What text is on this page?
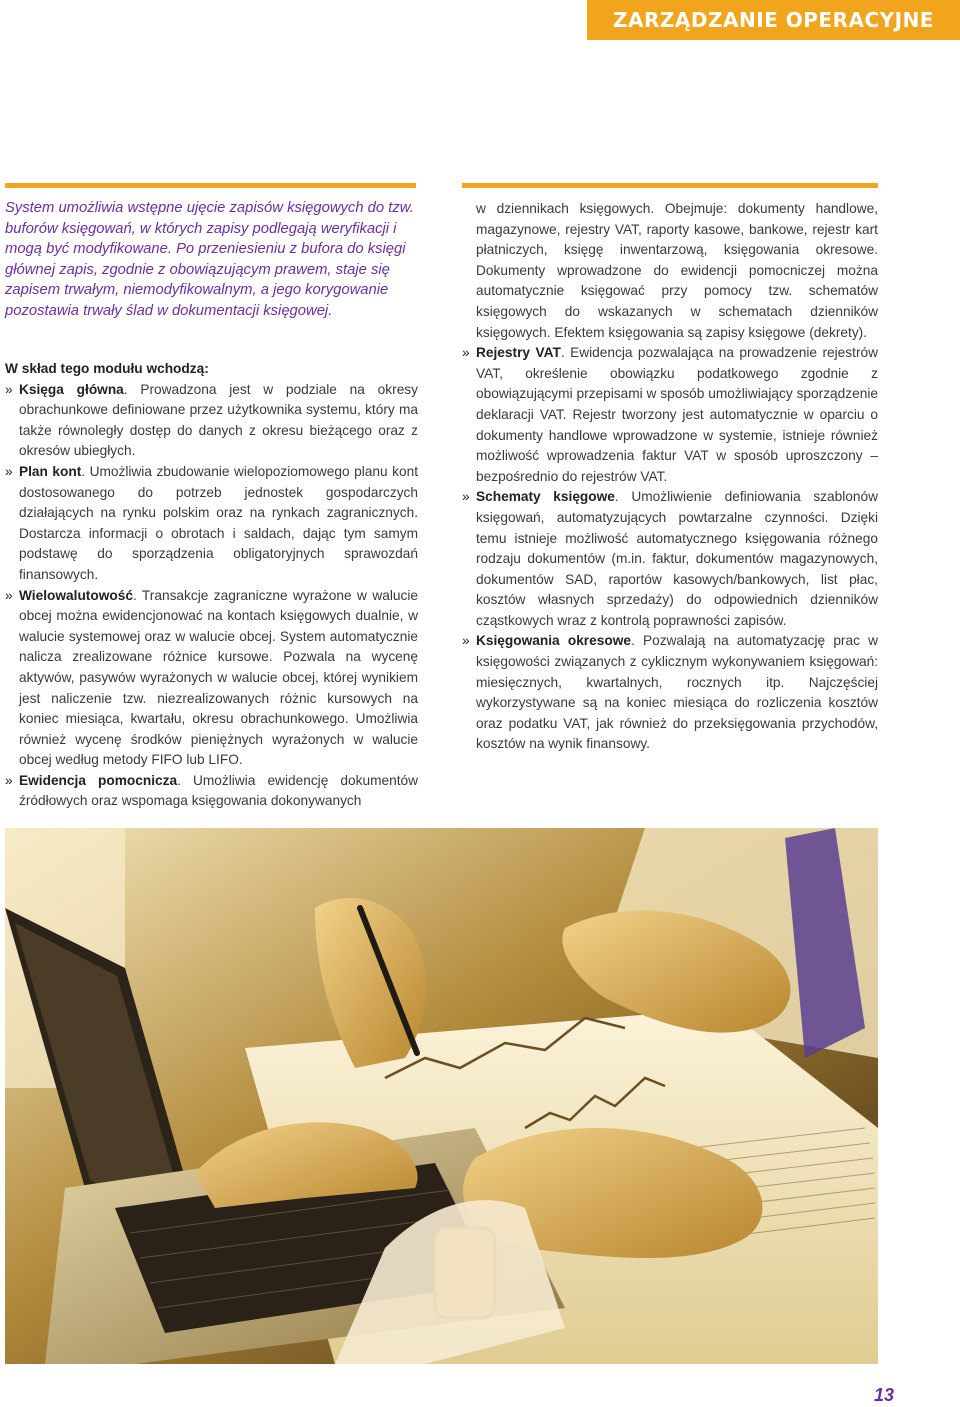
ZARZĄDZANIE OPERACYJNE

System umożliwia wstępne ujęcie zapisów księgowych do tzw. buforów księgowań, w których zapisy podlegają weryfikacji i mogą być modyfikowane. Po przeniesieniu z bufora do księgi głównej zapis, zgodnie z obowiązującym prawem, staje się zapisem trwałym, niemodyfikowalnym, a jego korygowanie pozostawia trwały ślad w dokumentacji księgowej.

W skład tego modułu wchodzą:

» Księga główna. Prowadzona jest w podziale na okresy obrachunkowe definiowane przez użytkownika systemu, który ma także równoległy dostęp do danych z okresu bieżącego oraz z okresów ubiegłych.

» Plan kont. Umożliwia zbudowanie wielopoziomowego planu kont dostosowanego do potrzeb jednostek gospodarczych działających na rynku polskim oraz na rynkach zagranicznych. Dostarcza informacji o obrotach i saldach, dając tym samym podstawę do sporządzenia obligatoryjnych sprawozdań finansowych.

» Wielowalutowość. Transakcje zagraniczne wyrażone w walucie obcej można ewidencjonować na kontach księgowych dualnie, w walucie systemowej oraz w walucie obcej. System automatycznie nalicza zrealizowane różnice kursowe. Pozwala na wycenę aktywów, pasywów wyrażonych w walucie obcej, której wynikiem jest naliczenie tzw. niezrealizowanych różnic kursowych na koniec miesiąca, kwartału, okresu obrachunkowego. Umożliwia również wycenę środków pieniężnych wyrażonych w walucie obcej według metody FIFO lub LIFO.

» Ewidencja pomocnicza. Umożliwia ewidencję dokumentów źródłowych oraz wspomaga księgowania dokonywanych

w dziennikach księgowych. Obejmuje: dokumenty handlowe, magazynowe, rejestry VAT, raporty kasowe, bankowe, rejestr kart płatniczych, księgę inwentarzową, księgowania okresowe. Dokumenty wprowadzone do ewidencji pomocniczej można automatycznie księgować przy pomocy tzw. schematów księgowych do wskazanych w schematach dzienników księgowych. Efektem księgowania są zapisy księgowe (dekrety).

» Rejestry VAT. Ewidencja pozwalająca na prowadzenie rejestrów VAT, określenie obowiązku podatkowego zgodnie z obowiązującymi przepisami w sposób umożliwiający sporządzenie deklaracji VAT. Rejestr tworzony jest automatycznie w oparciu o dokumenty handlowe wprowadzone w systemie, istnieje również możliwość wprowadzenia faktur VAT w sposób uproszczony – bezpośrednio do rejestrów VAT.

» Schematy księgowe. Umożliwienie definiowania szablonów księgowań, automatyzujących powtarzalne czynności. Dzięki temu istnieje możliwość automatycznego księgowania różnego rodzaju dokumentów (m.in. faktur, dokumentów magazynowych, dokumentów SAD, raportów kasowych/bankowych, list płac, kosztów własnych sprzedaży) do odpowiednich dzienników cząstkowych wraz z kontrolą poprawności zapisów.

» Księgowania okresowe. Pozwalają na automatyzację prac w księgowości związanych z cyklicznym wykonywaniem księgowań: miesięcznych, kwartalnych, rocznych itp. Najczęściej wykorzystywane są na koniec miesiąca do rozliczenia kosztów oraz podatku VAT, jak również do przeksięgowania przychodów, kosztów na wynik finansowy.

13
